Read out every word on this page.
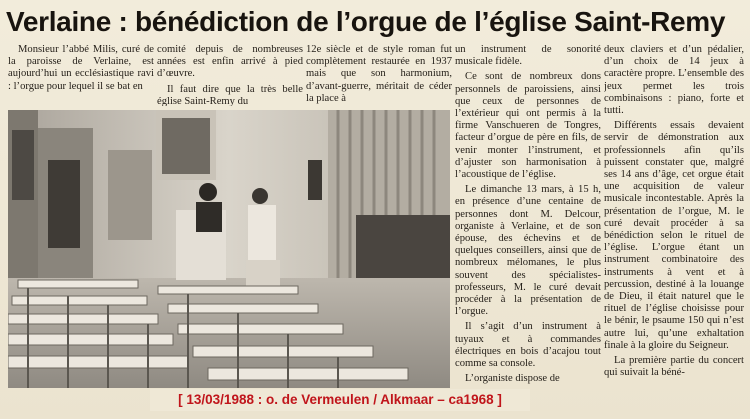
Verlaine : bénédiction de l’orgue de l’église Saint-Remy

Monsieur l’abbé Milis, curé de la paroisse de Verlaine, est aujourd’hui un ecclésiastique ravi : l’orgue pour lequel il se bat en

comité depuis de nombreuses années est enfin arrivé à pied d’œuvre.

Il faut dire que la très belle église Saint-Remy du

12e siècle et de style roman fut complètement restaurée en 1937 mais que son harmonium, d’avant-guerre, méritait de céder la place à

un instrument de sonorité musicale fidèle.

Ce sont de nombreux dons personnels de paroissiens, ainsi que ceux de personnes de l’extérieur qui ont permis à la firme Vanschueren de Tongres, facteur d’orgue de père en fils, de venir monter l’instrument, et d’ajuster son harmonisation à l’acoustique de l’église.

Le dimanche 13 mars, à 15 h, en présence d’une centaine de personnes dont M. Delcour, organiste à Verlaine, et de son épouse, des échevins et de quelques conseillers, ainsi que de nombreux mélomanes, le plus souvent des spécialistes-professeurs, M. le curé devait procéder à la présentation de l’orgue.

Il s’agit d’un instrument à tuyaux et à commandes électriques en bois d’acajou tout comme sa console.

L’organiste dispose de

deux claviers et d’un pédalier, d’un choix de 14 jeux à caractère propre. L’ensemble des jeux permet les trois combinaisons : piano, forte et tutti.

Différents essais devaient servir de démonstration aux professionnels afin qu’ils puissent constater que, malgré ses 14 ans d’âge, cet orgue était une acquisition de valeur musicale incontestable. Après la présentation de l’orgue, M. le curé devait procéder à sa bénédiction selon le rituel de l’église. L’orgue étant un instrument combinatoire des instruments à vent et à percussion, destiné à la louange de Dieu, il était naturel que le rituel de l’église choisisse pour le bénir, le psaume 150 qui n’est autre lui, qu’une exhaltation finale à la gloire du Seigneur.

La première partie du concert qui suivait la béné-

[ 13/03/1988 : o. de Vermeulen / Alkmaar – ca1968 ]
